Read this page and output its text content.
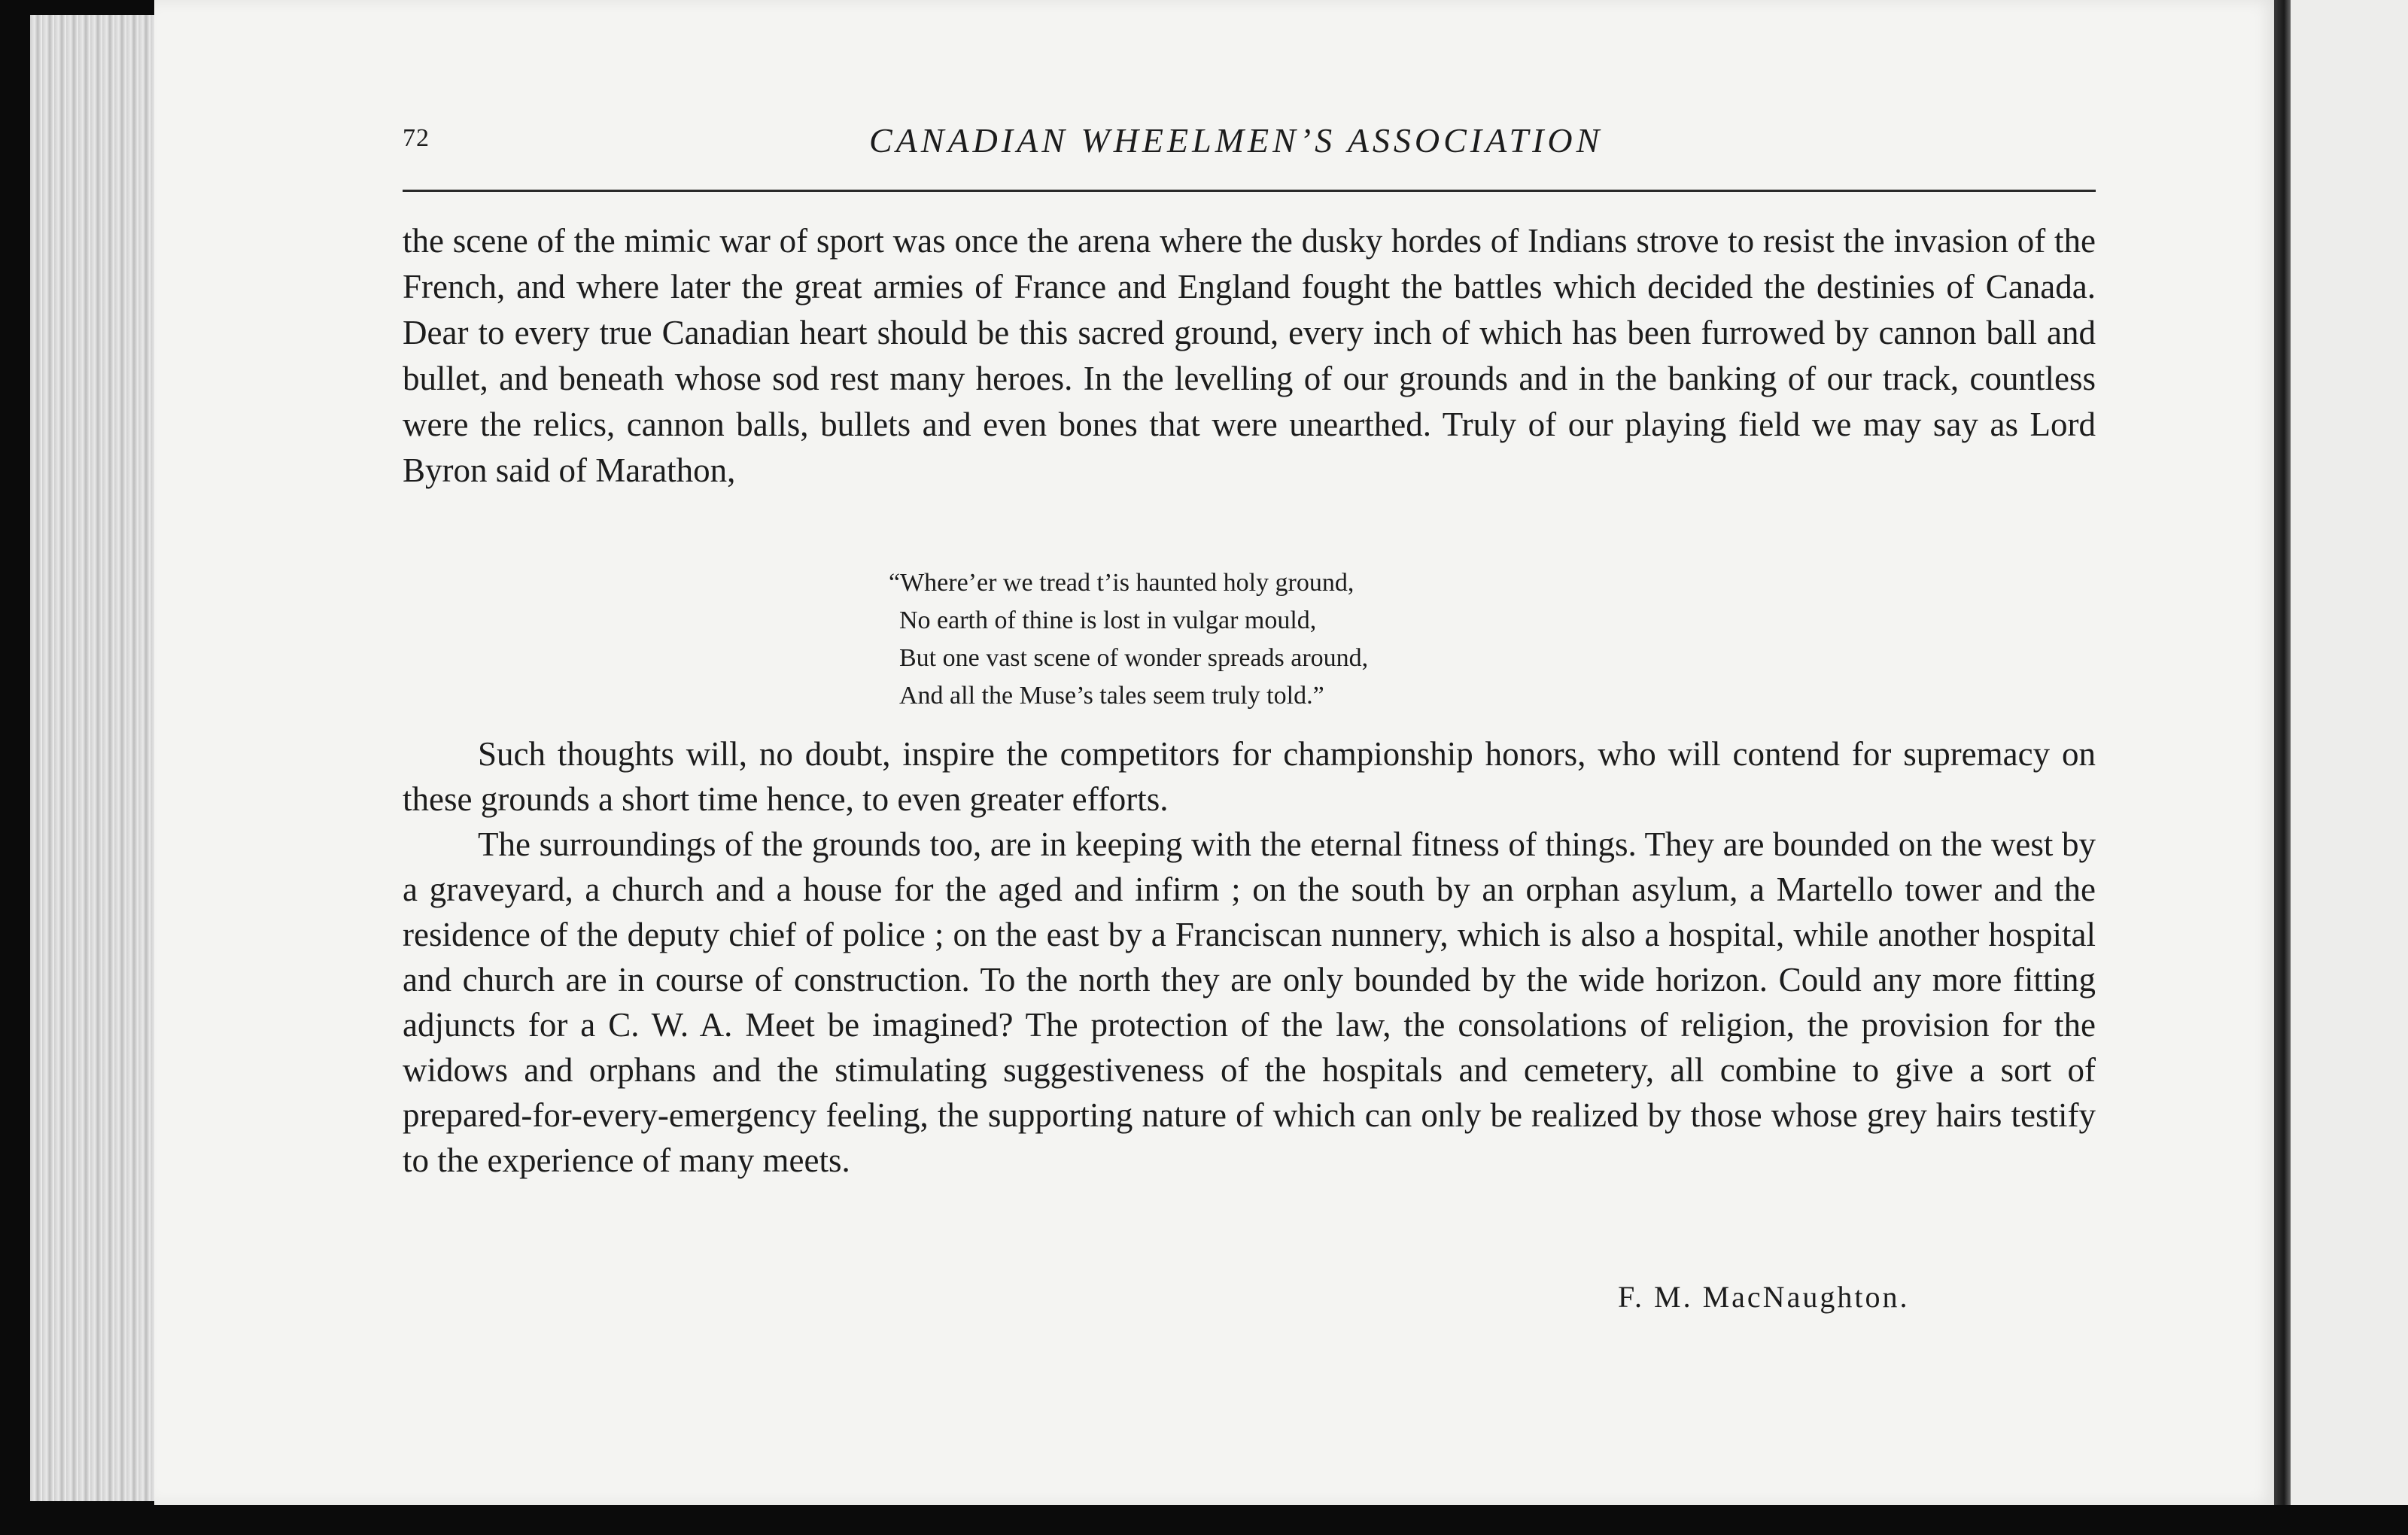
72	CANADIAN WHEELMEN’S ASSOCIATION

the scene of the mimic war of sport was once the arena where the dusky hordes of Indians strove to resist the invasion of the French, and where later the great armies of France and England fought the battles which decided the destinies of Canada. Dear to every true Canadian heart should be this sacred ground, every inch of which has been furrowed by cannon ball and bullet, and beneath whose sod rest many heroes. In the levelling of our grounds and in the banking of our track, countless were the relics, cannon balls, bullets and even bones that were unearthed. Truly of our playing field we may say as Lord Byron said of Marathon,

“Where’er we tread t’is haunted holy ground,
No earth of thine is lost in vulgar mould,
But one vast scene of wonder spreads around,
And all the Muse’s tales seem truly told.”

Such thoughts will, no doubt, inspire the competitors for championship honors, who will contend for supremacy on these grounds a short time hence, to even greater efforts.

The surroundings of the grounds too, are in keeping with the eternal fitness of things. They are bounded on the west by a graveyard, a church and a house for the aged and infirm ; on the south by an orphan asylum, a Martello tower and the residence of the deputy chief of police ; on the east by a Franciscan nunnery, which is also a hospital, while another hospital and church are in course of construction. To the north they are only bounded by the wide horizon. Could any more fitting adjuncts for a C. W. A. Meet be imagined? The protection of the law, the consolations of religion, the provision for the widows and orphans and the stimulating suggestiveness of the hospitals and cemetery, all combine to give a sort of prepared-for-every-emergency feeling, the supporting nature of which can only be realized by those whose grey hairs testify to the experience of many meets.

F. M. MacNaughton.
